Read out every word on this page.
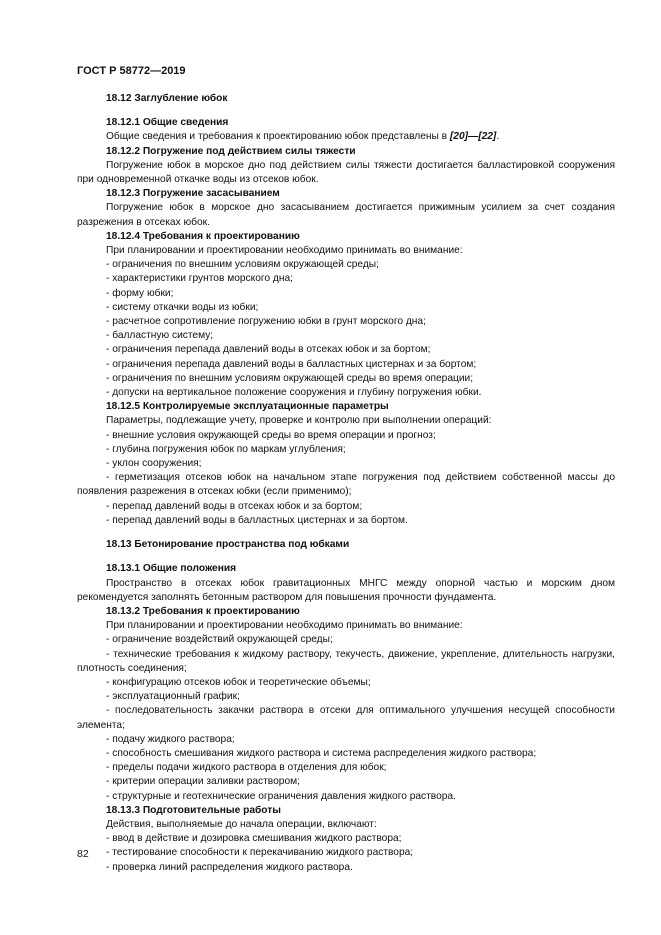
ГОСТ Р 58772—2019

18.12 Заглубление юбок

18.12.1 Общие сведения

Общие сведения и требования к проектированию юбок представлены в [20]—[22].

18.12.2 Погружение под действием силы тяжести

Погружение юбок в морское дно под действием силы тяжести достигается балластировкой сооружения при одновременной откачке воды из отсеков юбок.

18.12.3 Погружение засасыванием

Погружение юбок в морское дно засасыванием достигается прижимным усилием за счет создания разрежения в отсеках юбок.

18.12.4 Требования к проектированию

При планировании и проектировании необходимо принимать во внимание:

- ограничения по внешним условиям окружающей среды;

- характеристики грунтов морского дна;

- форму юбки;

- систему откачки воды из юбки;

- расчетное сопротивление погружению юбки в грунт морского дна;

- балластную систему;

- ограничения перепада давлений воды в отсеках юбок и за бортом;

- ограничения перепада давлений воды в балластных цистернах и за бортом;

- ограничения по внешним условиям окружающей среды во время операции;

- допуски на вертикальное положение сооружения и глубину погружения юбки.

18.12.5 Контролируемые эксплуатационные параметры

Параметры, подлежащие учету, проверке и контролю при выполнении операций:

- внешние условия окружающей среды во время операции и прогноз;

- глубина погружения юбок по маркам углубления;

- уклон сооружения;

- герметизация отсеков юбок на начальном этапе погружения под действием собственной массы до появления разрежения в отсеках юбки (если применимо);

- перепад давлений воды в отсеках юбок и за бортом;

- перепад давлений воды в балластных цистернах и за бортом.

18.13 Бетонирование пространства под юбками

18.13.1 Общие положения

Пространство в отсеках юбок гравитационных МНГС между опорной частью и морским дном рекомендуется заполнять бетонным раствором для повышения прочности фундамента.

18.13.2 Требования к проектированию

При планировании и проектировании необходимо принимать во внимание:

- ограничение воздействий окружающей среды;

- технические требования к жидкому раствору, текучесть, движение, укрепление, длительность нагрузки, плотность соединения;

- конфигурацию отсеков юбок и теоретические объемы;

- эксплуатационный график;

- последовательность закачки раствора в отсеки для оптимального улучшения несущей способности элемента;

- подачу жидкого раствора;

- способность смешивания жидкого раствора и система распределения жидкого раствора;

- пределы подачи жидкого раствора в отделения для юбок;

- критерии операции заливки раствором;

- структурные и геотехнические ограничения давления жидкого раствора.

18.13.3 Подготовительные работы

Действия, выполняемые до начала операции, включают:

- ввод в действие и дозировка смешивания жидкого раствора;

- тестирование способности к перекачиванию жидкого раствора;

- проверка линий распределения жидкого раствора.

82
